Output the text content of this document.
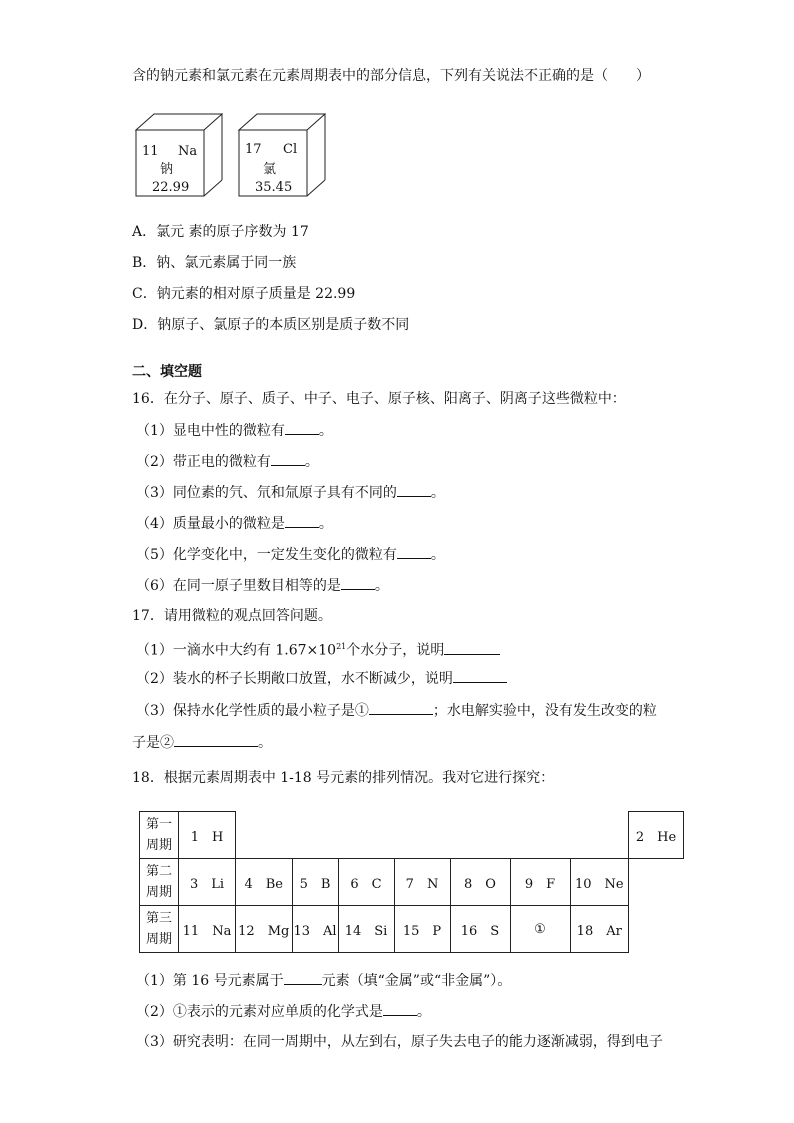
含的钠元素和氯元素在元素周期表中的部分信息，下列有关说法不正确的是（　　）
11 Na
钠
22.99
17 Cl
氯
35.45
A．氯元 素的原子序数为 17
B．钠、氯元素属于同一族
C．钠元素的相对原子质量是 22.99
D．钠原子、氯原子的本质区别是质子数不同
二、填空题
16．在分子、原子、质子、中子、电子、原子核、阳离子、阴离子这些微粒中：
（1）显电中性的微粒有 。
（2）带正电的微粒有 。
（3）同位素的氕、氘和氚原子具有不同的 。
（4）质量最小的微粒是 。
（5）化学变化中，一定发生变化的微粒有 。
（6）在同一原子里数目相等的是 。
17．请用微粒的观点回答问题。
（1）一滴水中大约有 $1.67\times 10^{21}$个水分子，说明
（2）装水的杯子长期敞口放置，水不断减少，说明
（3）保持水化学性质的最小粒子是①	；水电解实验中，没有发生改变的粒
子是②	。
18．根据元素周期表中 1-18 号元素的排列情况。我对它进行探究：
第一周期	1　H								2　He
第二周期	3　Li	4　Be	5　B	6　C	7　N	8　O	9　F	10　Ne
第三周期	11　Na	12　Mg	13　Al	14　Si	15　P	16　S	①	18　Ar
（1）第 16 号元素属于	元素（填“金属”或“非金属”）。
（2）①表示的元素对应单质的化学式是 。
（3）研究表明：在同一周期中，从左到右，原子失去电子的能力逐渐减弱，得到电子
